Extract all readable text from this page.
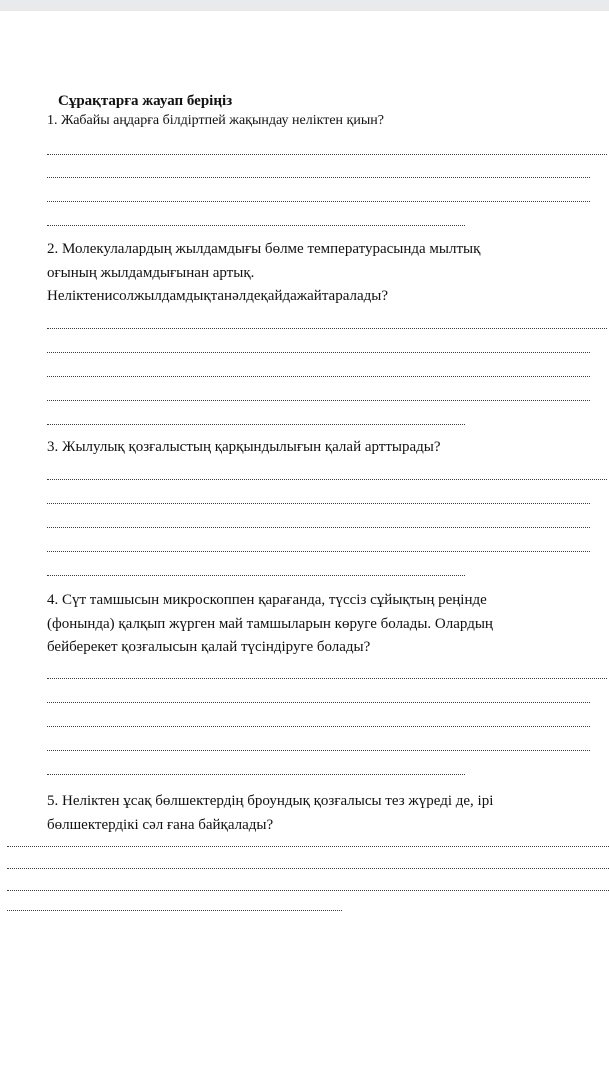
Сұрақтарға жауап беріңіз
1. Жабайы аңдарға білдіртпей жақындау неліктен қиын?
2. Молекулалардың жылдамдығы бөлме температурасында мылтық
оғының жылдамдығынан артық.
Неліктенисолжылдамдықтанәлдеқайдажайтаралады?
3. Жылулық қозғалыстың қарқындылығын қалай арттырады?
4. Сүт тамшысын микроскоппен қарағанда, түссіз сұйықтың реңінде
(фонында) қалқып жүрген май тамшыларын көруге болады. Олардың
бейберекет қозғалысын қалай түсіндіруге болады?
5. Неліктен ұсақ бөлшектердің броундық қозғалысы тез жүреді де, ірі
бөлшектердікі сәл ғана байқалады?
